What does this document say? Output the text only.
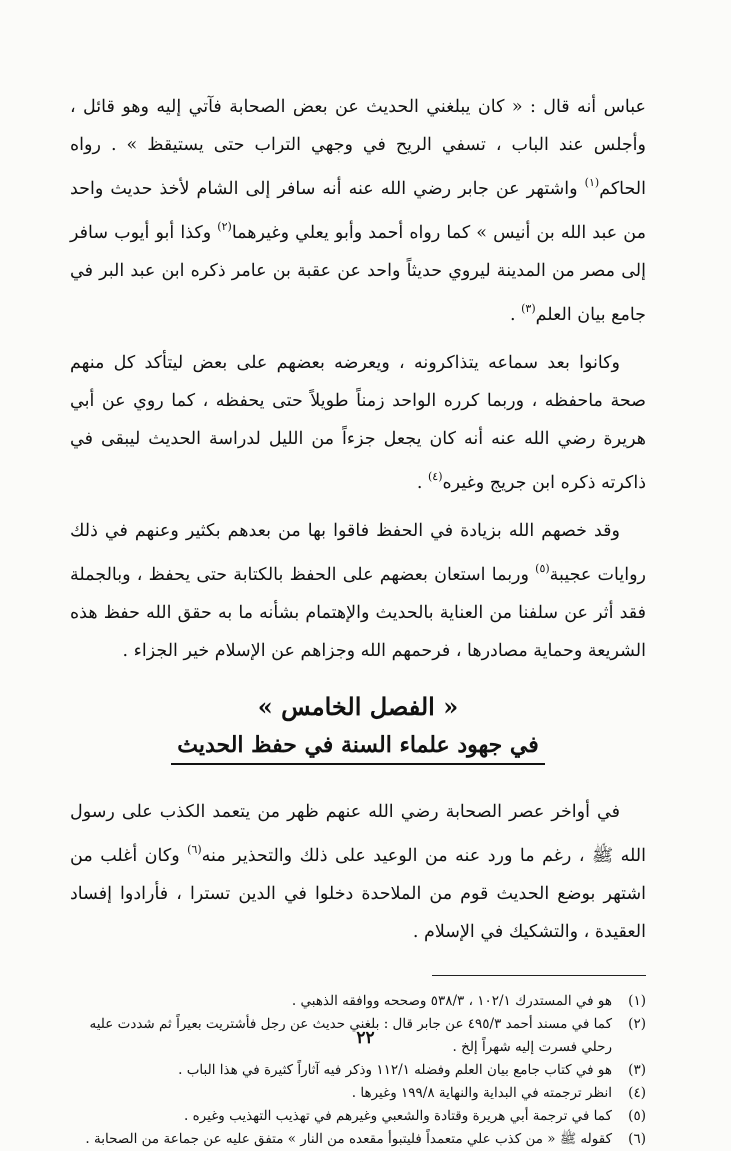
عباس أنه قال : « كان يبلغني الحديث عن بعض الصحابة فآتي إليه وهو قائل ، وأجلس عند الباب ، تسفي الريح في وجهي التراب حتى يستيقظ » . رواه الحاكم$^{(١)}$ واشتهر عن جابر رضي الله عنه أنه سافر إلى الشام لأخذ حديث واحد من عبد الله بن أنيس » كما رواه أحمد وأبو يعلي وغيرهما$^{(٢)}$ وكذا أبو أيوب سافر إلى مصر من المدينة ليروي حديثاً واحد عن عقبة بن عامر ذكره ابن عبد البر في جامع بيان العلم$^{(٣)}$ .

وكانوا بعد سماعه يتذاكرونه ، ويعرضه بعضهم على بعض ليتأكد كل منهم صحة ماحفظه ، وربما كرره الواحد زمناً طويلاً حتى يحفظه ، كما روي عن أبي هريرة رضي الله عنه أنه كان يجعل جزءاً من الليل لدراسة الحديث ليبقى في ذاكرته ذكره ابن جريج وغيره$^{(٤)}$ .

وقد خصهم الله بزيادة في الحفظ فاقوا بها من بعدهم بكثير وعنهم في ذلك روايات عجيبة$^{(٥)}$ وربما استعان بعضهم على الحفظ بالكتابة حتى يحفظ ، وبالجملة فقد أثر عن سلفنا من العناية بالحديث والإهتمام بشأنه ما به حقق الله حفظ هذه الشريعة وحماية مصادرها ، فرحمهم الله وجزاهم عن الإسلام خير الجزاء .

« الفصل الخامس »
في جهود علماء السنة في حفظ الحديث

في أواخر عصر الصحابة رضي الله عنهم ظهر من يتعمد الكذب على رسول الله ﷺ ، رغم ما ورد عنه من الوعيد على ذلك والتحذير منه$^{(٦)}$ وكان أغلب من اشتهر بوضع الحديث قوم من الملاحدة دخلوا في الدين تسترا ، فأرادوا إفساد العقيدة ، والتشكيك في الإسلام .

(١)
هو في المستدرك ١٠٢/١ ، ٥٣٨/٣ وصححه ووافقه الذهبي .
(٢)
كما في مسند أحمد ٤٩٥/٣ عن جابر قال : بلغني حديث عن رجل فأشتريت بعيراً ثم شددت عليه رحلي فسرت إليه شهراً إلخ .
(٣)
هو في كتاب جامع بيان العلم وفضله ١١٢/١ وذكر فيه آثاراً كثيرة في هذا الباب .
(٤)
انظر ترجمته في البداية والنهاية ١٩٩/٨ وغيرها .
(٥)
كما في ترجمة أبي هريرة وقتادة والشعبي وغيرهم في تهذيب التهذيب وغيره .
(٦)
كقوله ﷺ « من كذب علي متعمداً فليتبوأ مقعده من النار » متفق عليه عن جماعة من الصحابة .
٢٢
